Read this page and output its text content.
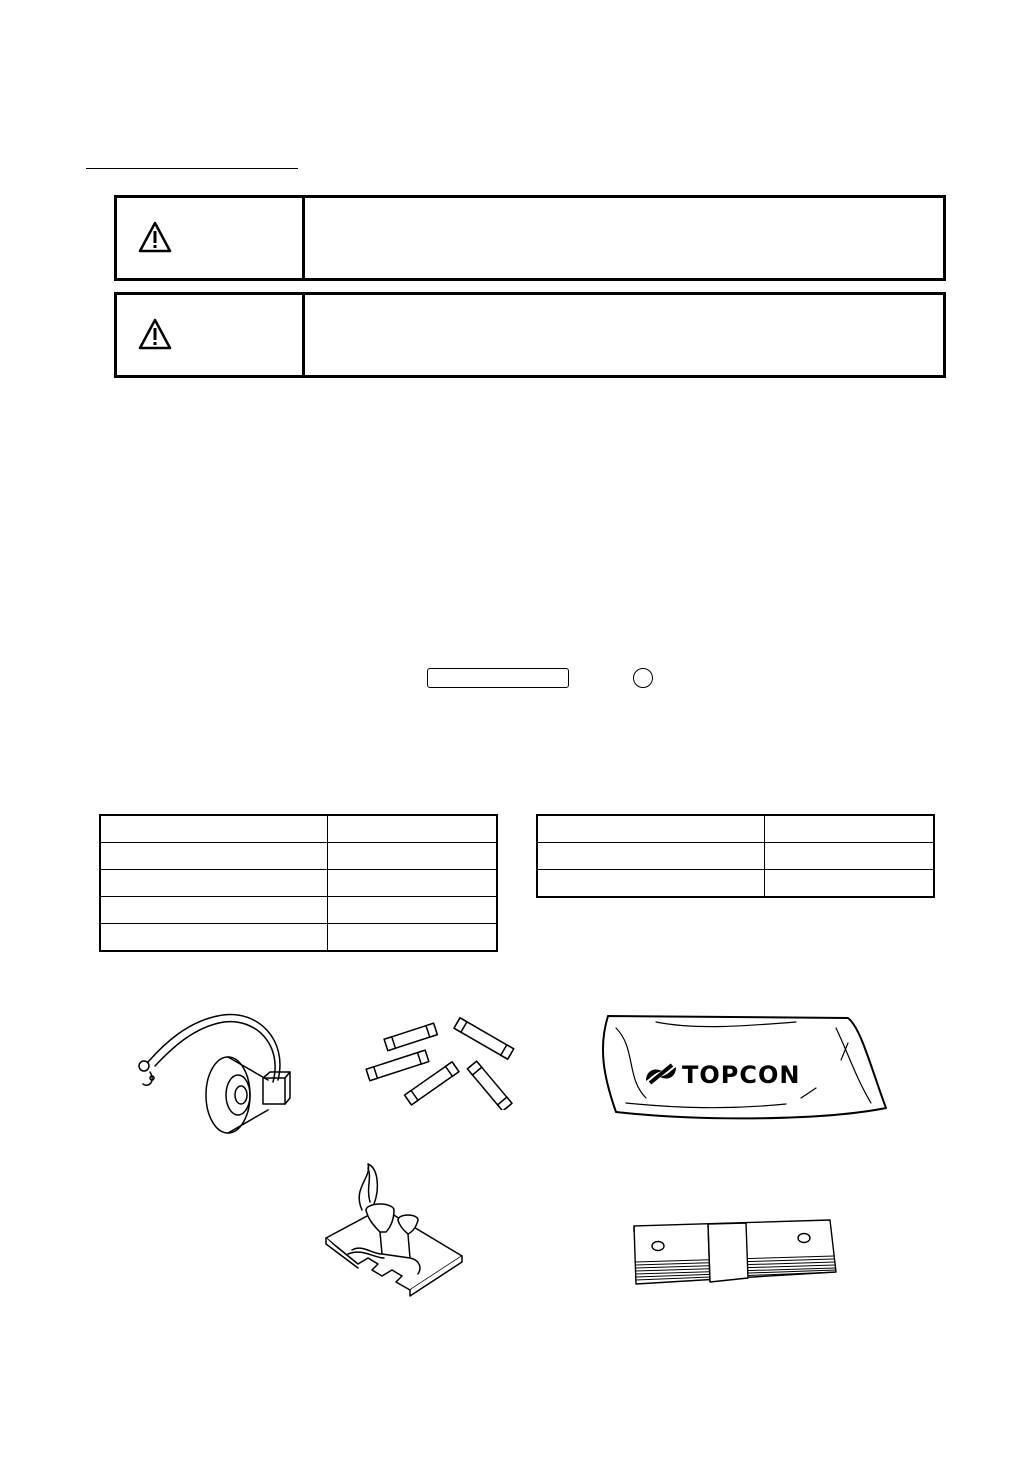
TOPCON
